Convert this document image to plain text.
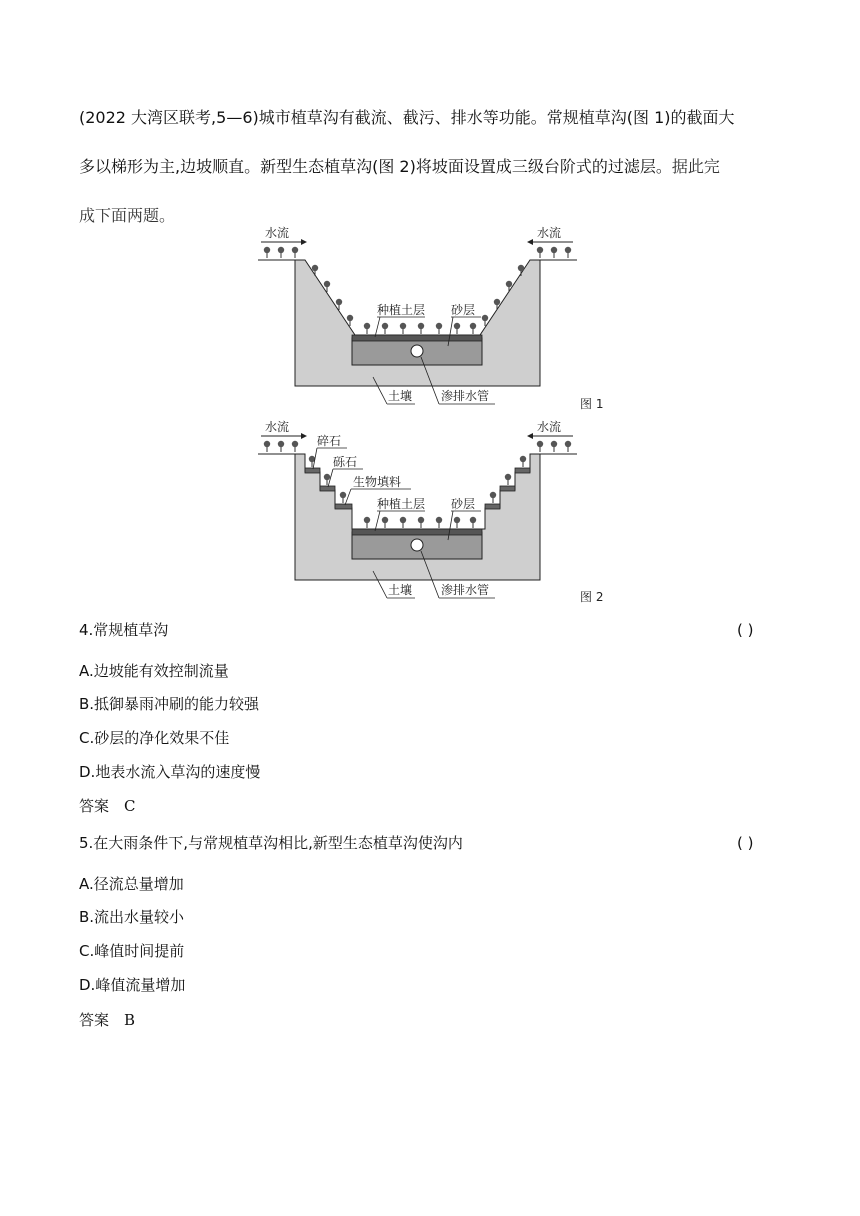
(2022 大湾区联考,5—6)城市植草沟有截流、截污、排水等功能。常规植草沟(图 1)的截面大
多以梯形为主,边坡顺直。新型生态植草沟(图 2)将坡面设置成三级台阶式的过滤层。据此完
成下面两题。
水流	水流
种植土层 砂层
土壤 渗排水管
图 1
水流	水流
碎石
砾石
生物填料
种植土层 砂层
土壤 渗排水管	图 2
4.常规植草沟	( )
A.边坡能有效控制流量
B.抵御暴雨冲刷的能力较强
C.砂层的净化效果不佳
D.地表水流入草沟的速度慢
答案　C
5.在大雨条件下,与常规植草沟相比,新型生态植草沟使沟内	( )
A.径流总量增加
B.流出水量较小
C.峰值时间提前
D.峰值流量增加
答案　B
